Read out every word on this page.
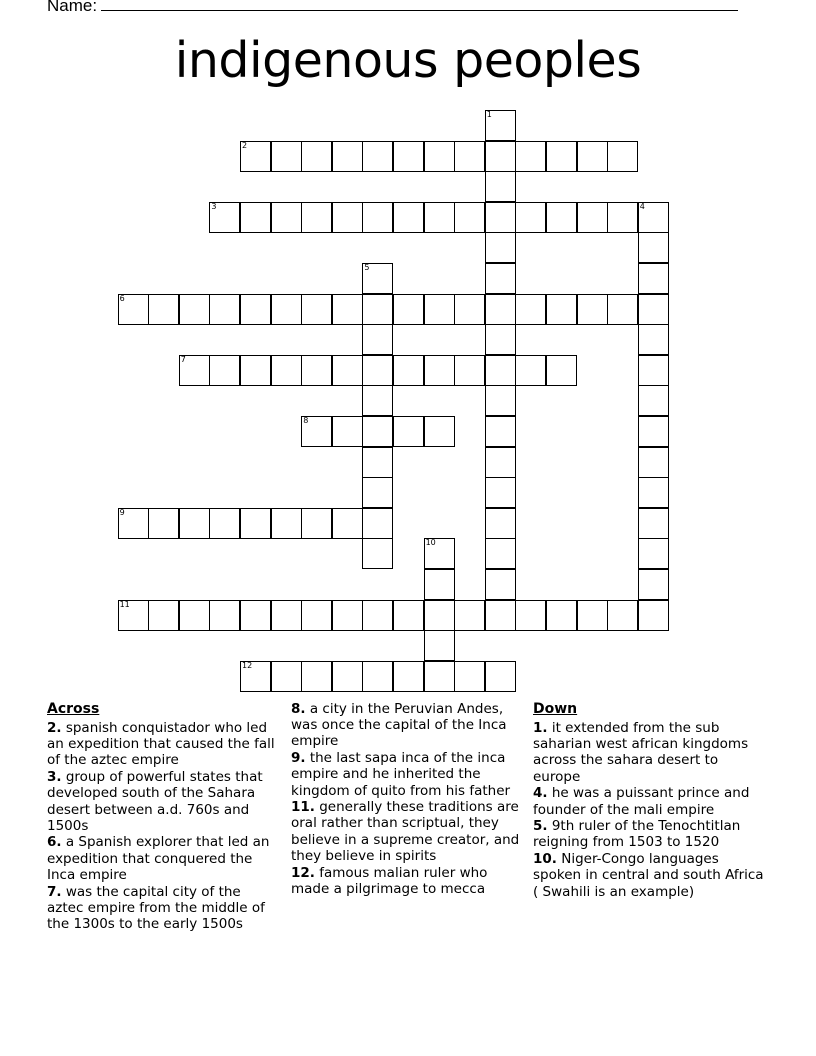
Name:
indigenous peoples
1
2
3	4
5
6
7
8
9
10
11
12
Across
2. spanish conquistador who led an expedition that caused the fall of the aztec empire
3. group of powerful states that developed south of the Sahara desert between a.d. 760s and 1500s
6. a Spanish explorer that led an expedition that conquered the Inca empire
7. was the capital city of the aztec empire from the middle of the 1300s to the early 1500s
8. a city in the Peruvian Andes, was once the capital of the Inca empire
9. the last sapa inca of the inca empire and he inherited the kingdom of quito from his father
11. generally these traditions are oral rather than scriptual, they believe in a supreme creator, and they believe in spirits
12. famous malian ruler who made a pilgrimage to mecca
Down
1. it extended from the sub saharian west african kingdoms across the sahara desert to europe
4. he was a puissant prince and founder of the mali empire
5. 9th ruler of the Tenochtitlan reigning from 1503 to 1520
10. Niger-Congo languages spoken in central and south Africa ( Swahili is an example)
